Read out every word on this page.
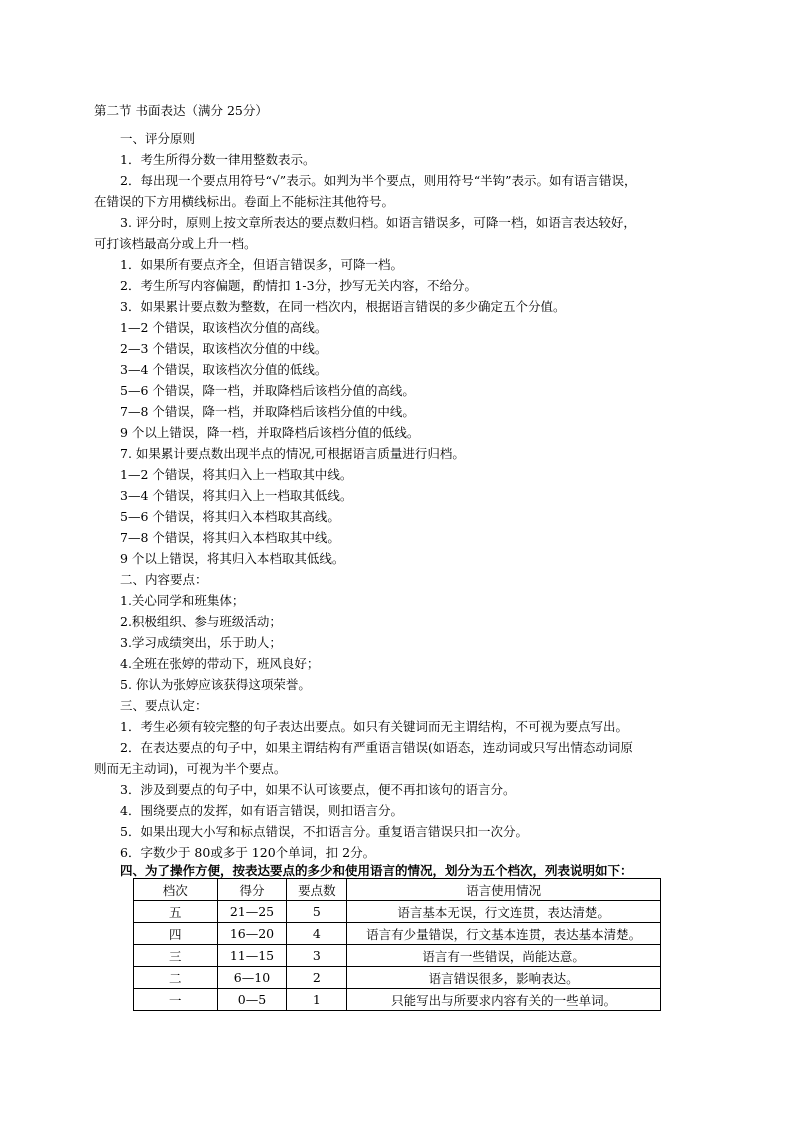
第二节 书面表达（满分 25分）
一、评分原则
1．考生所得分数一律用整数表示。
2．每出现一个要点用符号“√”表示。如判为半个要点，则用符号“半钩”表示。如有语言错误，
在错误的下方用横线标出。卷面上不能标注其他符号。
3. 评分时，原则上按文章所表达的要点数归档。如语言错误多，可降一档，如语言表达较好，
可打该档最高分或上升一档。
1．如果所有要点齐全，但语言错误多，可降一档。
2．考生所写内容偏题，酌情扣 1-3分，抄写无关内容，不给分。
3．如果累计要点数为整数，在同一档次内，根据语言错误的多少确定五个分值。
1—2 个错误，取该档次分值的高线。
2—3 个错误，取该档次分值的中线。
3—4 个错误，取该档次分值的低线。
5—6 个错误，降一档，并取降档后该档分值的高线。
7—8 个错误，降一档，并取降档后该档分值的中线。
9 个以上错误，降一档，并取降档后该档分值的低线。
7. 如果累计要点数出现半点的情况,可根据语言质量进行归档。
1—2 个错误，将其归入上一档取其中线。
3—4 个错误，将其归入上一档取其低线。
5—6 个错误，将其归入本档取其高线。
7—8 个错误，将其归入本档取其中线。
9 个以上错误，将其归入本档取其低线。
二、内容要点：
1.关心同学和班集体；
2.积极组织、参与班级活动；
3.学习成绩突出，乐于助人；
4.全班在张婷的带动下，班风良好；
5. 你认为张婷应该获得这项荣誉。
三、要点认定：
1．考生必须有较完整的句子表达出要点。如只有关键词而无主谓结构，不可视为要点写出。
2．在表达要点的句子中，如果主谓结构有严重语言错误(如语态，连动词或只写出情态动词原
则而无主动词)，可视为半个要点。
3．涉及到要点的句子中，如果不认可该要点，便不再扣该句的语言分。
4．围绕要点的发挥，如有语言错误，则扣语言分。
5．如果出现大小写和标点错误，不扣语言分。重复语言错误只扣一次分。
6．字数少于 80或多于 120个单词，扣 2分。
四、为了操作方便，按表达要点的多少和使用语言的情况，划分为五个档次，列表说明如下：
档次	得分	要点数	语言使用情况
五	21—25	5	语言基本无误，行文连贯，表达清楚。
四	16—20	4	语言有少量错误，行文基本连贯，表达基本清楚。
三	11—15	3	语言有一些错误，尚能达意。
二	6—10	2	语言错误很多，影响表达。
一	0—5	1	只能写出与所要求内容有关的一些单词。
